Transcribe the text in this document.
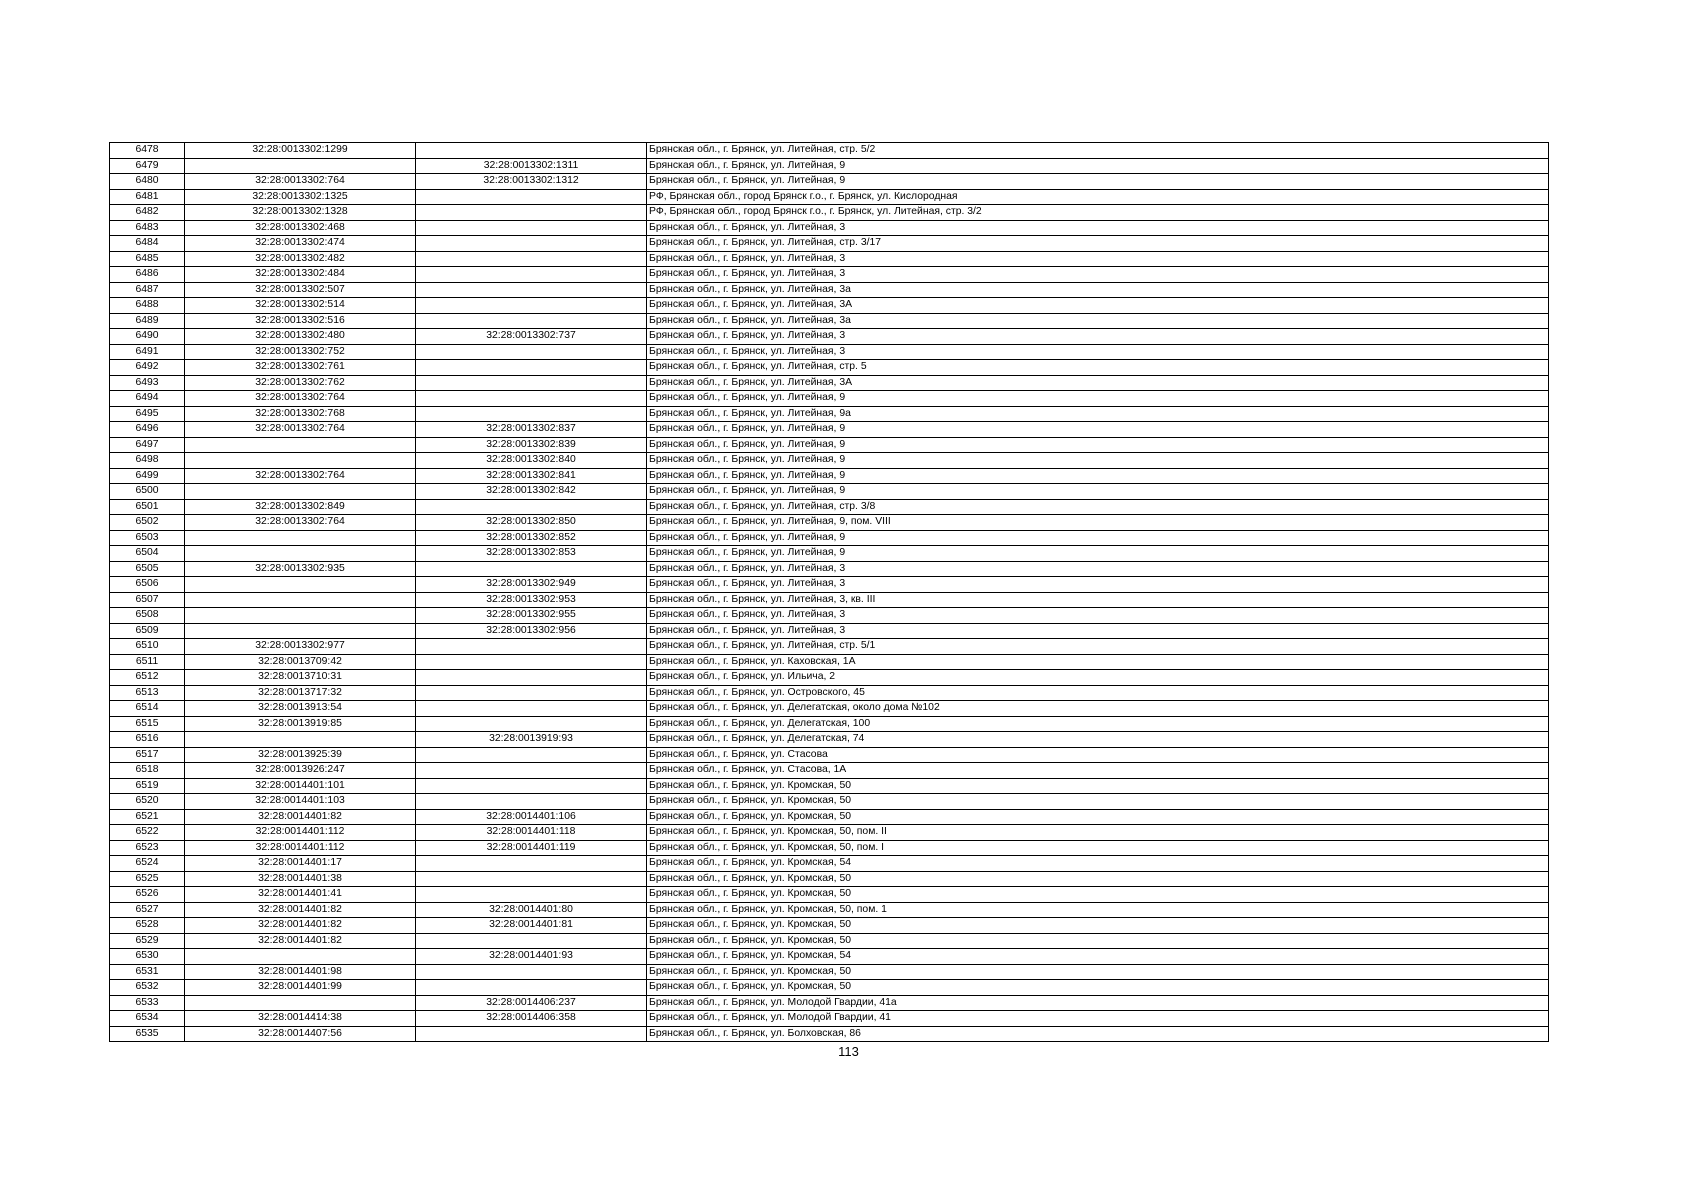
6478	32:28:0013302:1299		Брянская обл., г. Брянск, ул. Литейная, стр. 5/2
6479		32:28:0013302:1311	Брянская обл., г. Брянск, ул. Литейная, 9
6480	32:28:0013302:764	32:28:0013302:1312	Брянская обл., г. Брянск, ул. Литейная, 9
6481	32:28:0013302:1325		РФ, Брянская обл., город Брянск г.о., г. Брянск, ул. Кислородная
6482	32:28:0013302:1328		РФ, Брянская обл., город Брянск г.о., г. Брянск, ул. Литейная, стр. 3/2
6483	32:28:0013302:468		Брянская обл., г. Брянск, ул. Литейная, 3
6484	32:28:0013302:474		Брянская обл., г. Брянск, ул. Литейная, стр. 3/17
6485	32:28:0013302:482		Брянская обл., г. Брянск, ул. Литейная, 3
6486	32:28:0013302:484		Брянская обл., г. Брянск, ул. Литейная, 3
6487	32:28:0013302:507		Брянская обл., г. Брянск, ул. Литейная, 3а
6488	32:28:0013302:514		Брянская обл., г. Брянск, ул. Литейная, 3А
6489	32:28:0013302:516		Брянская обл., г. Брянск, ул. Литейная, 3а
6490	32:28:0013302:480	32:28:0013302:737	Брянская обл., г. Брянск, ул. Литейная, 3
6491	32:28:0013302:752		Брянская обл., г. Брянск, ул. Литейная, 3
6492	32:28:0013302:761		Брянская обл., г. Брянск, ул. Литейная, стр. 5
6493	32:28:0013302:762		Брянская обл., г. Брянск, ул. Литейная, 3А
6494	32:28:0013302:764		Брянская обл., г. Брянск, ул. Литейная, 9
6495	32:28:0013302:768		Брянская обл., г. Брянск, ул. Литейная, 9а
6496	32:28:0013302:764	32:28:0013302:837	Брянская обл., г. Брянск, ул. Литейная, 9
6497		32:28:0013302:839	Брянская обл., г. Брянск, ул. Литейная, 9
6498		32:28:0013302:840	Брянская обл., г. Брянск, ул. Литейная, 9
6499	32:28:0013302:764	32:28:0013302:841	Брянская обл., г. Брянск, ул. Литейная, 9
6500		32:28:0013302:842	Брянская обл., г. Брянск, ул. Литейная, 9
6501	32:28:0013302:849		Брянская обл., г. Брянск, ул. Литейная, стр. 3/8
6502	32:28:0013302:764	32:28:0013302:850	Брянская обл., г. Брянск, ул. Литейная, 9, пом. VIII
6503		32:28:0013302:852	Брянская обл., г. Брянск, ул. Литейная, 9
6504		32:28:0013302:853	Брянская обл., г. Брянск, ул. Литейная, 9
6505	32:28:0013302:935		Брянская обл., г. Брянск, ул. Литейная, 3
6506		32:28:0013302:949	Брянская обл., г. Брянск, ул. Литейная, 3
6507		32:28:0013302:953	Брянская обл., г. Брянск, ул. Литейная, 3, кв. III
6508		32:28:0013302:955	Брянская обл., г. Брянск, ул. Литейная, 3
6509		32:28:0013302:956	Брянская обл., г. Брянск, ул. Литейная, 3
6510	32:28:0013302:977		Брянская обл., г. Брянск, ул. Литейная, стр. 5/1
6511	32:28:0013709:42		Брянская обл., г. Брянск, ул. Каховская, 1А
6512	32:28:0013710:31		Брянская обл., г. Брянск, ул. Ильича, 2
6513	32:28:0013717:32		Брянская обл., г. Брянск, ул. Островского, 45
6514	32:28:0013913:54		Брянская обл., г. Брянск, ул. Делегатская, около дома №102
6515	32:28:0013919:85		Брянская обл., г. Брянск, ул. Делегатская, 100
6516		32:28:0013919:93	Брянская обл., г. Брянск, ул. Делегатская, 74
6517	32:28:0013925:39		Брянская обл., г. Брянск, ул. Стасова
6518	32:28:0013926:247		Брянская обл., г. Брянск, ул. Стасова, 1А
6519	32:28:0014401:101		Брянская обл., г. Брянск, ул. Кромская, 50
6520	32:28:0014401:103		Брянская обл., г. Брянск, ул. Кромская, 50
6521	32:28:0014401:82	32:28:0014401:106	Брянская обл., г. Брянск, ул. Кромская, 50
6522	32:28:0014401:112	32:28:0014401:118	Брянская обл., г. Брянск, ул. Кромская, 50, пом. II
6523	32:28:0014401:112	32:28:0014401:119	Брянская обл., г. Брянск, ул. Кромская, 50, пом. I
6524	32:28:0014401:17		Брянская обл., г. Брянск, ул. Кромская, 54
6525	32:28:0014401:38		Брянская обл., г. Брянск, ул. Кромская, 50
6526	32:28:0014401:41		Брянская обл., г. Брянск, ул. Кромская, 50
6527	32:28:0014401:82	32:28:0014401:80	Брянская обл., г. Брянск, ул. Кромская, 50, пом. 1
6528	32:28:0014401:82	32:28:0014401:81	Брянская обл., г. Брянск, ул. Кромская, 50
6529	32:28:0014401:82		Брянская обл., г. Брянск, ул. Кромская, 50
6530		32:28:0014401:93	Брянская обл., г. Брянск, ул. Кромская, 54
6531	32:28:0014401:98		Брянская обл., г. Брянск, ул. Кромская, 50
6532	32:28:0014401:99		Брянская обл., г. Брянск, ул. Кромская, 50
6533		32:28:0014406:237	Брянская обл., г. Брянск, ул. Молодой Гвардии, 41а
6534	32:28:0014414:38	32:28:0014406:358	Брянская обл., г. Брянск, ул. Молодой Гвардии, 41
6535	32:28:0014407:56		Брянская обл., г. Брянск, ул. Болховская, 86
113
